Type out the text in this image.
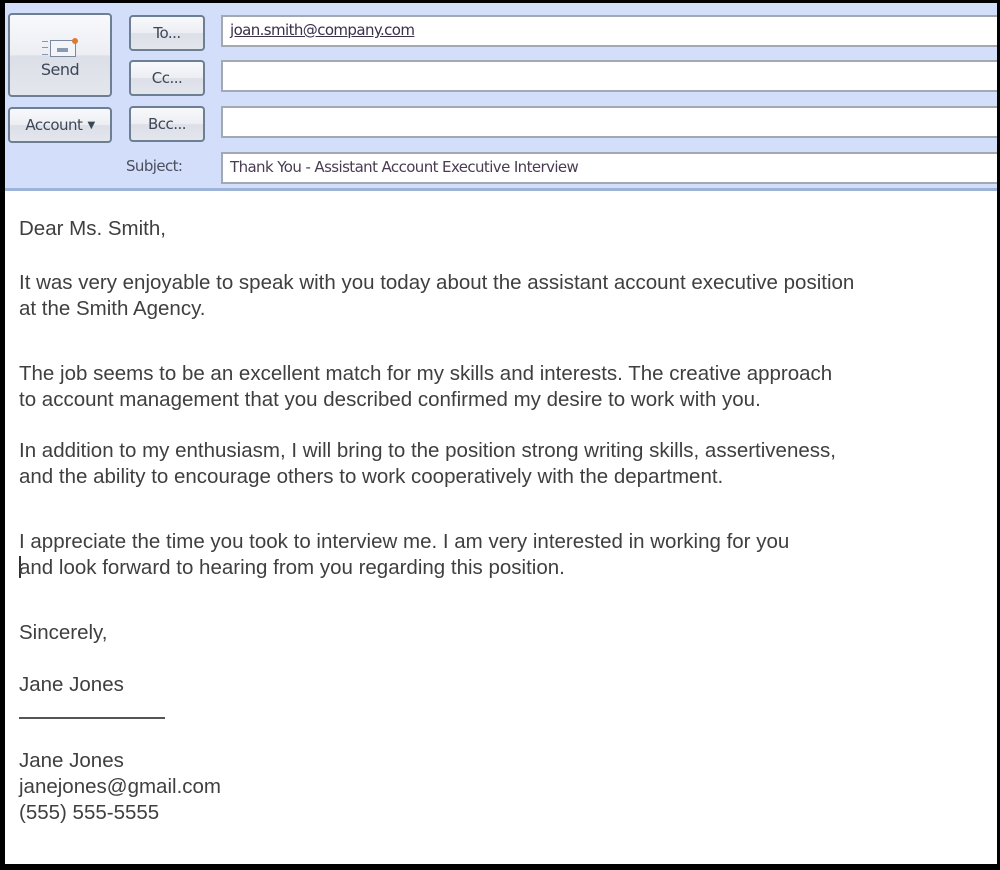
Send
Account ▼
To...
Cc...
Bcc...
joan.smith@company.com
Subject:	Thank You - Assistant Account Executive Interview

Dear Ms. Smith,

It was very enjoyable to speak with you today about the assistant account executive position

at the Smith Agency.

The job seems to be an excellent match for my skills and interests. The creative approach

to account management that you described confirmed my desire to work with you.

In addition to my enthusiasm, I will bring to the position strong writing skills, assertiveness,

and the ability to encourage others to work cooperatively with the department.

I appreciate the time you took to interview me. I am very interested in working for you

and look forward to hearing from you regarding this position.

Sincerely,

Jane Jones

Jane Jones

janejones@gmail.com

(555) 555-5555
